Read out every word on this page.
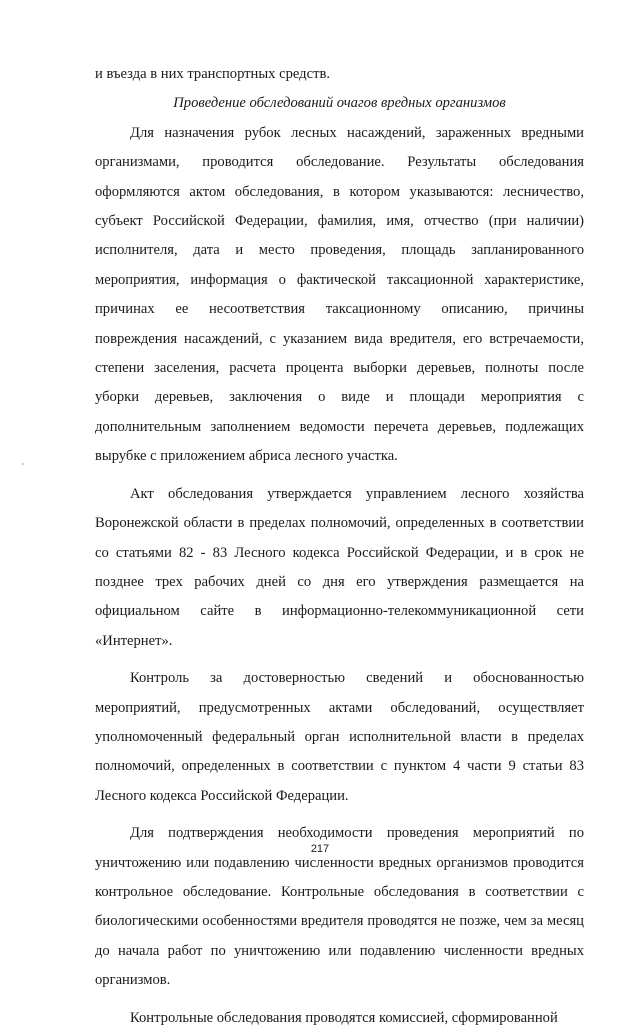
и въезда в них транспортных средств.

Проведение обследований очагов вредных организмов

Для назначения рубок лесных насаждений, зараженных вредными организмами, проводится обследование. Результаты обследования оформляются актом обследования, в котором указываются: лесничество, субъект Российской Федерации, фамилия, имя, отчество (при наличии) исполнителя, дата и место проведения, площадь запланированного мероприятия, информация о фактической таксационной характеристике, причинах ее несоответствия таксационному описанию, причины повреждения насаждений, с указанием вида вредителя, его встречаемости, степени заселения, расчета процента выборки деревьев, полноты после уборки деревьев, заключения о виде и площади мероприятия с дополнительным заполнением ведомости перечета деревьев, подлежащих вырубке с приложением абриса лесного участка.

Акт обследования утверждается управлением лесного хозяйства Воронежской области в пределах полномочий, определенных в соответствии со статьями 82 - 83 Лесного кодекса Российской Федерации, и в срок не позднее трех рабочих дней со дня его утверждения размещается на официальном сайте в информационно-телекоммуникационной сети «Интернет».

Контроль за достоверностью сведений и обоснованностью мероприятий, предусмотренных актами обследований, осуществляет уполномоченный федеральный орган исполнительной власти в пределах полномочий, определенных в соответствии с пунктом 4 части 9 статьи 83 Лесного кодекса Российской Федерации.

Для подтверждения необходимости проведения мероприятий по уничтожению или подавлению численности вредных организмов проводится контрольное обследование. Контрольные обследования в соответствии с биологическими особенностями вредителя проводятся не позже, чем за месяц до начала работ по уничтожению или подавлению численности вредных организмов.

Контрольные обследования проводятся комиссией, сформированной

217
